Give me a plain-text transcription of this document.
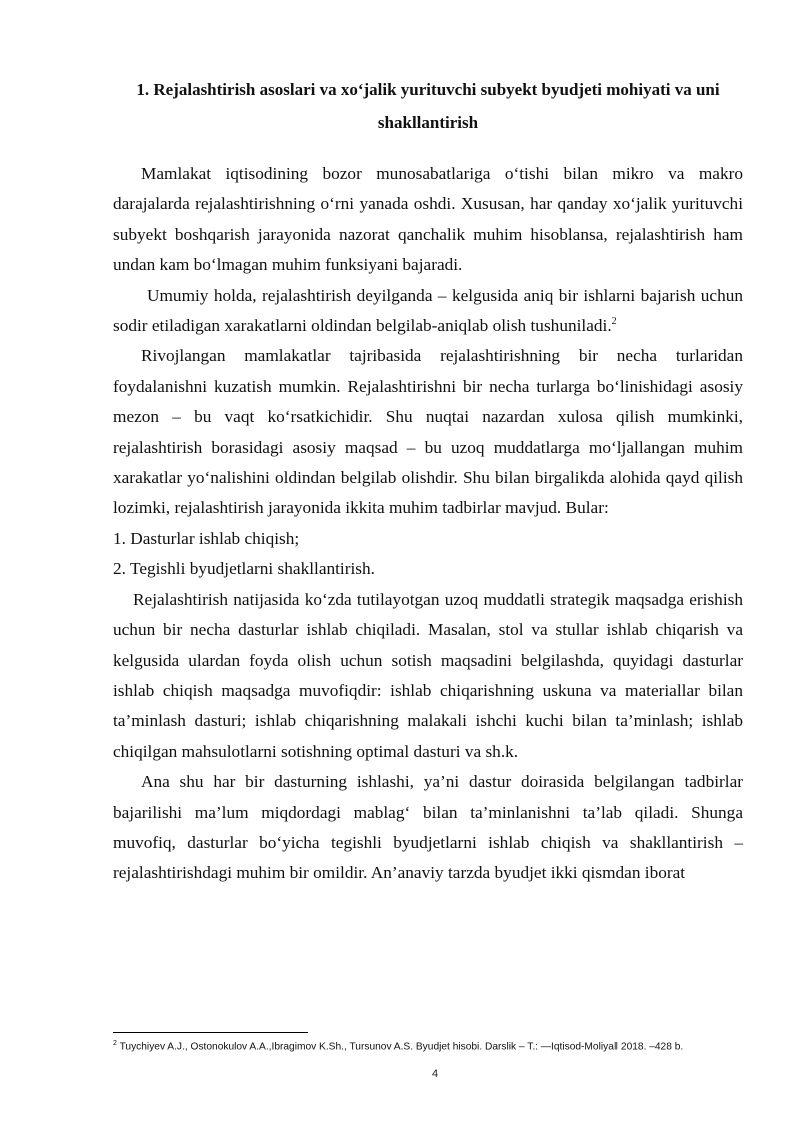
1. Rejalashtirish asoslari va xo‘jalik yurituvchi subyekt byudjeti mohiyati va uni shakllantirish

Mamlakat iqtisodining bozor munosabatlariga o‘tishi bilan mikro va makro darajalarda rejalashtirishning o‘rni yanada oshdi. Xususan, har qanday xo‘jalik yurituvchi subyekt boshqarish jarayonida nazorat qanchalik muhim hisoblansa, rejalashtirish ham undan kam bo‘lmagan muhim funksiyani bajaradi.

Umumiy holda, rejalashtirish deyilganda – kelgusida aniq bir ishlarni bajarish uchun sodir etiladigan xarakatlarni oldindan belgilab-aniqlab olish tushuniladi.$^2$

Rivojlangan mamlakatlar tajribasida rejalashtirishning bir necha turlaridan foydalanishni kuzatish mumkin. Rejalashtirishni bir necha turlarga bo‘linishidagi asosiy mezon – bu vaqt ko‘rsatkichidir. Shu nuqtai nazardan xulosa qilish mumkinki, rejalashtirish borasidagi asosiy maqsad – bu uzoq muddatlarga mo‘ljallangan muhim xarakatlar yo‘nalishini oldindan belgilab olishdir. Shu bilan birgalikda alohida qayd qilish lozimki, rejalashtirish jarayonida ikkita muhim tadbirlar mavjud. Bular:

1. Dasturlar ishlab chiqish;

2. Tegishli byudjetlarni shakllantirish.

Rejalashtirish natijasida ko‘zda tutilayotgan uzoq muddatli strategik maqsadga erishish uchun bir necha dasturlar ishlab chiqiladi. Masalan, stol va stullar ishlab chiqarish va kelgusida ulardan foyda olish uchun sotish maqsadini belgilashda, quyidagi dasturlar ishlab chiqish maqsadga muvofiqdir: ishlab chiqarishning uskuna va materiallar bilan ta’minlash dasturi; ishlab chiqarishning malakali ishchi kuchi bilan ta’minlash; ishlab chiqilgan mahsulotlarni sotishning optimal dasturi va sh.k.

Ana shu har bir dasturning ishlashi, ya’ni dastur doirasida belgilangan tadbirlar bajarilishi ma’lum miqdordagi mablag‘ bilan ta’minlanishni ta’lab qiladi. Shunga muvofiq, dasturlar bo‘yicha tegishli byudjetlarni ishlab chiqish va shakllantirish – rejalashtirishdagi muhim bir omildir. An’anaviy tarzda byudjet ikki qismdan iborat

$^2$ Tuychiyev A.J., Ostonokulov A.A.,Ibragimov K.Sh., Tursunov A.S. Byudjet hisobi. Darslik – T.: ―Iqtisod-Moliya‖ 2018. –428 b.
4
